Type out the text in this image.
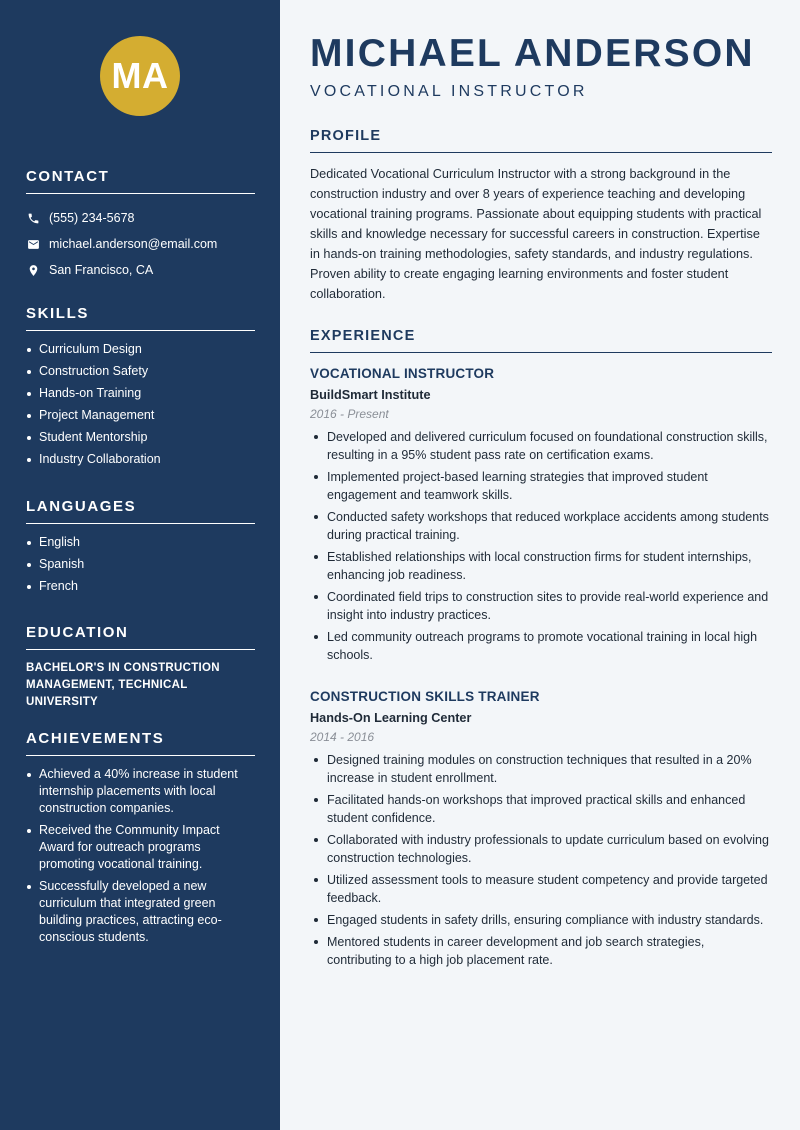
MA
CONTACT
(555) 234-5678
michael.anderson@email.com
San Francisco, CA
SKILLS
Curriculum Design
Construction Safety
Hands-on Training
Project Management
Student Mentorship
Industry Collaboration
LANGUAGES
English
Spanish
French
EDUCATION
BACHELOR'S IN CONSTRUCTION MANAGEMENT, TECHNICAL UNIVERSITY
ACHIEVEMENTS
Achieved a 40% increase in student internship placements with local construction companies.
Received the Community Impact Award for outreach programs promoting vocational training.
Successfully developed a new curriculum that integrated green building practices, attracting eco-conscious students.
MICHAEL ANDERSON
VOCATIONAL INSTRUCTOR
PROFILE

Dedicated Vocational Curriculum Instructor with a strong background in the construction industry and over 8 years of experience teaching and developing vocational training programs. Passionate about equipping students with practical skills and knowledge necessary for successful careers in construction. Expertise in hands-on training methodologies, safety standards, and industry regulations. Proven ability to create engaging learning environments and foster student collaboration.

EXPERIENCE
VOCATIONAL INSTRUCTOR
BuildSmart Institute
2016 - Present
Developed and delivered curriculum focused on foundational construction skills, resulting in a 95% student pass rate on certification exams.
Implemented project-based learning strategies that improved student engagement and teamwork skills.
Conducted safety workshops that reduced workplace accidents among students during practical training.
Established relationships with local construction firms for student internships, enhancing job readiness.
Coordinated field trips to construction sites to provide real-world experience and insight into industry practices.
Led community outreach programs to promote vocational training in local high schools.
CONSTRUCTION SKILLS TRAINER
Hands-On Learning Center
2014 - 2016
Designed training modules on construction techniques that resulted in a 20% increase in student enrollment.
Facilitated hands-on workshops that improved practical skills and enhanced student confidence.
Collaborated with industry professionals to update curriculum based on evolving construction technologies.
Utilized assessment tools to measure student competency and provide targeted feedback.
Engaged students in safety drills, ensuring compliance with industry standards.
Mentored students in career development and job search strategies, contributing to a high job placement rate.
